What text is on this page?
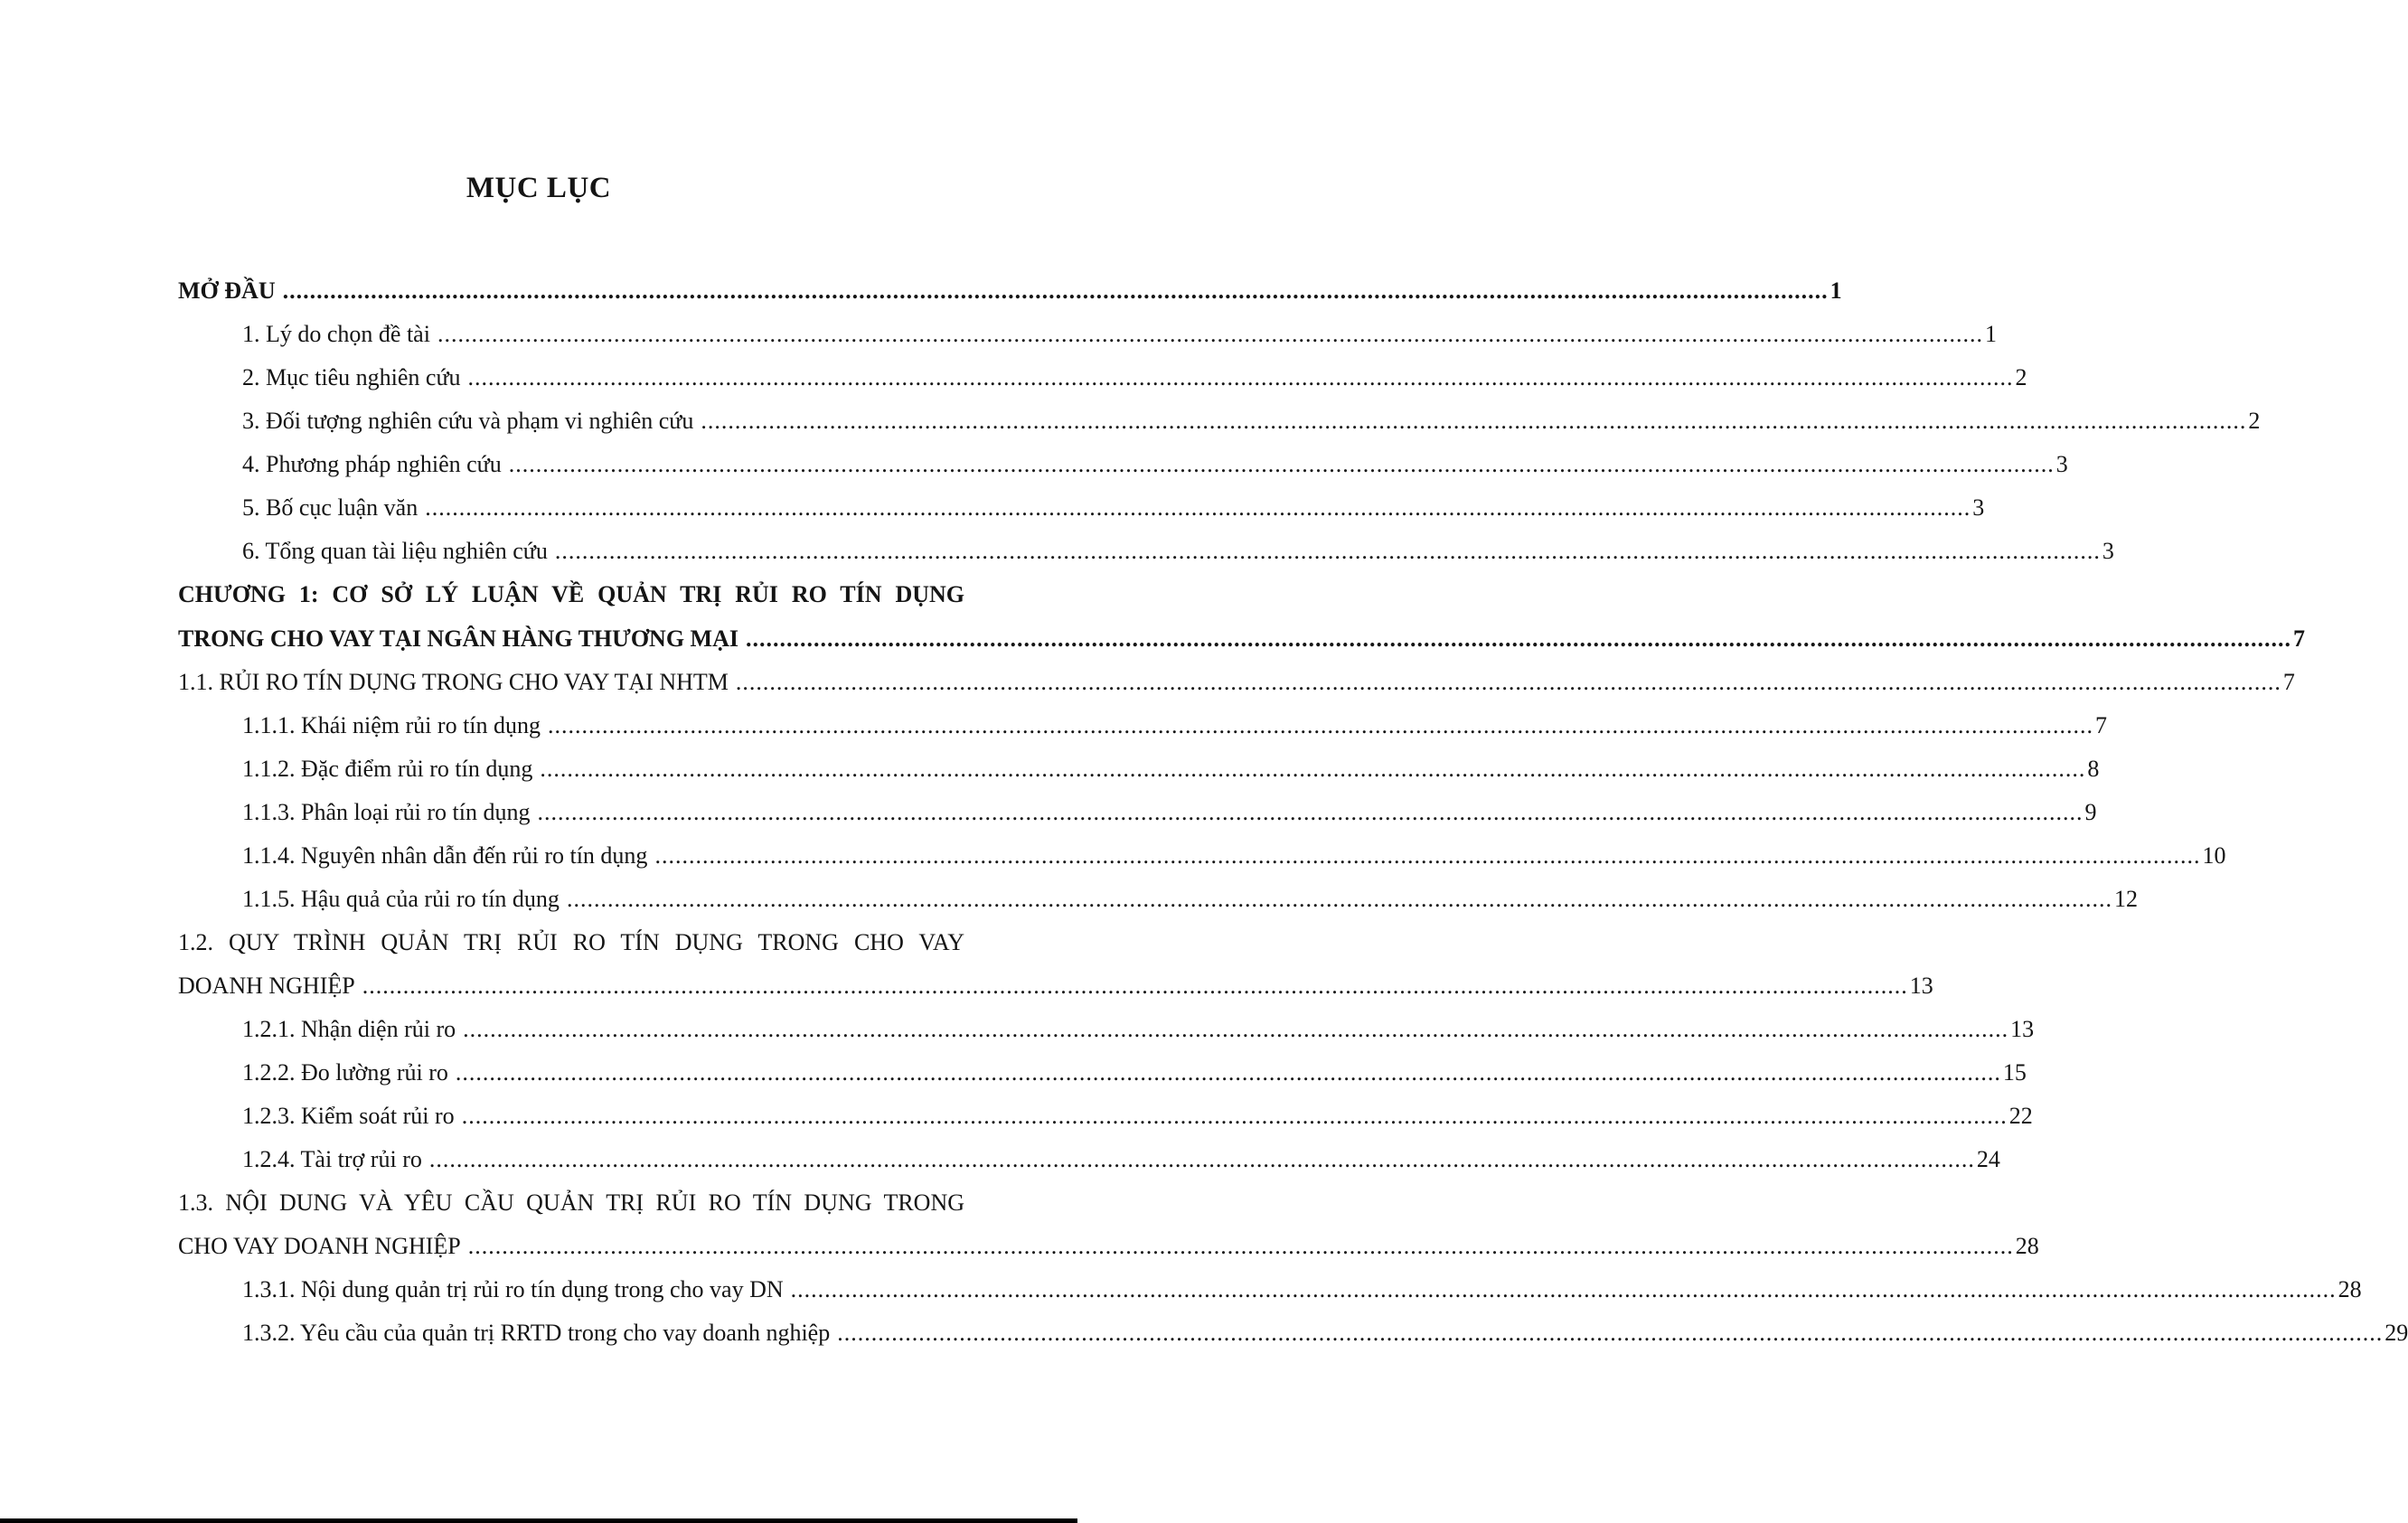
MỤC LỤC
MỞ ĐẦU .................................................................................................................................................................................................................................... 1
1. Lý do chọn đề tài .................................................................................................................................................................................................................................... 1
2. Mục tiêu nghiên cứu .................................................................................................................................................................................................................................... 2
3. Đối tượng nghiên cứu và phạm vi nghiên cứu .................................................................................................................................................................................................................................... 2
4. Phương pháp nghiên cứu .................................................................................................................................................................................................................................... 3
5. Bố cục luận văn .................................................................................................................................................................................................................................... 3
6. Tổng quan tài liệu nghiên cứu .................................................................................................................................................................................................................................... 3
CHƯƠNG 1: CƠ SỞ LÝ LUẬN VỀ QUẢN TRỊ RỦI RO TÍN DỤNG
TRONG CHO VAY TẠI NGÂN HÀNG THƯƠNG MẠI .................................................................................................................................................................................................................................... 7
1.1. RỦI RO TÍN DỤNG TRONG CHO VAY TẠI NHTM .................................................................................................................................................................................................................................... 7
1.1.1. Khái niệm rủi ro tín dụng .................................................................................................................................................................................................................................... 7
1.1.2. Đặc điểm rủi ro tín dụng .................................................................................................................................................................................................................................... 8
1.1.3. Phân loại rủi ro tín dụng .................................................................................................................................................................................................................................... 9
1.1.4. Nguyên nhân dẫn đến rủi ro tín dụng .................................................................................................................................................................................................................................... 10
1.1.5. Hậu quả của rủi ro tín dụng .................................................................................................................................................................................................................................... 12
1.2. QUY TRÌNH QUẢN TRỊ RỦI RO TÍN DỤNG TRONG CHO VAY
DOANH NGHIỆP .................................................................................................................................................................................................................................... 13
1.2.1. Nhận diện rủi ro .................................................................................................................................................................................................................................... 13
1.2.2. Đo lường rủi ro .................................................................................................................................................................................................................................... 15
1.2.3. Kiểm soát rủi ro .................................................................................................................................................................................................................................... 22
1.2.4. Tài trợ rủi ro .................................................................................................................................................................................................................................... 24
1.3. NỘI DUNG VÀ YÊU CẦU QUẢN TRỊ RỦI RO TÍN DỤNG TRONG
CHO VAY DOANH NGHIỆP .................................................................................................................................................................................................................................... 28
1.3.1. Nội dung quản trị rủi ro tín dụng trong cho vay DN .................................................................................................................................................................................................................................... 28
1.3.2. Yêu cầu của quản trị RRTD trong cho vay doanh nghiệp .................................................................................................................................................................................................................................... 29
